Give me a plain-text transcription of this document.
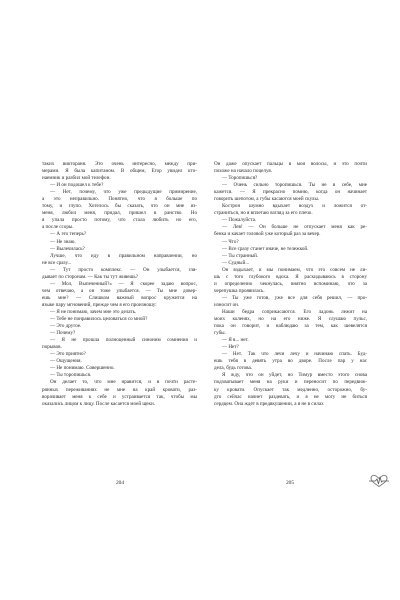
таких виктора́ня. Это очень интересно, между при-
мерами. Я была капитаном. В общем, Егор увидел кто-
наемник и разбил мой телефон.
— И он подошел к тебе?
— Нет, почему, что уже предыдущие примирение,
а это неправильно. Понятно, что я больше по
тому, и глупо. Хотелось бы сказать, что он мне из-
меня, любил меня, придал, пришел в ранство. Но
я упала просто потому, что стала любить но его,
а после ссоры.
— А это теперь?
— Не знаю.
— Вылечилась?
Лучше, что иду в правильном направлении, но
не все сразу...
— Тут просто комплекс. — Он улыбается, гля-
дывает по сторонам. — Как ты тут живешь?
— Мол, Выпеченный?» — Я скорее задаю вопрос,
чем отвечаю, а он тоже улыбается. — Ты мне довер-
ешь мне? — Слишком важный вопрос кружится на
языке пару мгновений, прежде чем я его произношу:
— Я не понимаю, зачем мне это делать.
— Тебе не понравилось целоваться со мной?
— Это другое.
— Почему?
— Я не прошла полноценный синоним сомнения и
порывов.
— Это приятно?
— Ощущения.
— Не понимаю. Совершенно.
— Ты торопишься.
Он делает то, что мне нравится, и в почти расте-
рянных переживаниях не мне на край кровати, раз-
ворачивает меня к себе и устраивается так, чтобы мы
оказались лицом к лицу. После касается моей щеки.
Он даже опускает пальцы в мои волосы, и это почти
похоже на начало поцелуя.
— Торопишься?
— Очень сильно торопишься. Ты не в себе, мне
кажется. — Я прекрасно помню, когда он начинает
говорить шепотом, а губы касаются моей скулы.
Кострон шумно вдыхает воздух и ложится от-
страниться, но я вплетаю взгляд за его плечо.
— Пожалуйста.
— Лев! — Он больше не отпускает меня как ре-
бенка и качает головой уже который раз за вечер.
— Что?
— Все сразу станет иначе, не тележкой.
— Ты странный.
— Судный...
Он вздыхает, и мы понимаем, что это совсем не ли-
шь с того глубокого вдоха. Я раскидываюсь в сторону
и определенно чекнулась, внятно вспоминаю, что за
черепушка проявилась.
— Ты уже готов, уже все для себя решил, — про-
износит он.
Наши бедра соприкасаются. Его ладонь лежит на
моих коленях, но на его ниже. Я слушаю пульс,
пока он говорит, и наблюдаю за тем, как шевелятся
губы.
— Я в... нет.
— Нет?
— Нет. Так что лечи лечу и начинаю спать. Буд-
ешь тебя в девять утра во дворе. После пар у нас
дела, будь готова.
Я жду, что он уйдет, но Тимур вместо этого снова
подхватывает меня на руки и переносит по передвиж-
ку кровати. Опускает так медленно, осторожно, бу-
дто сейчас начнет раздевать, и я не могу не биться
сердцем. Она ждет в предвкушении, а я не в силах
204	205
